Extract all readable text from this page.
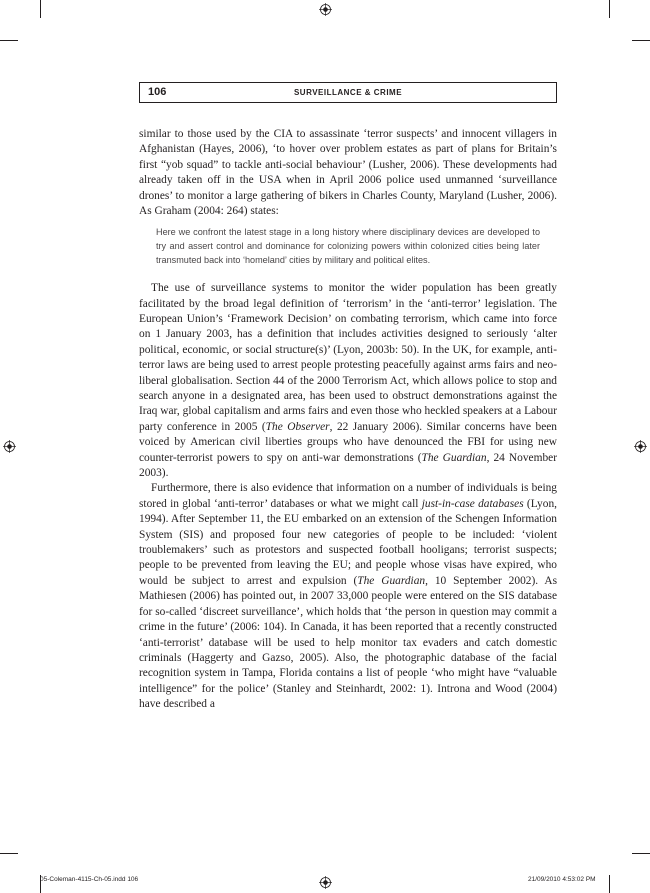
106	SURVEILLANCE & CRIME

similar to those used by the CIA to assassinate ‘terror suspects’ and innocent villagers in Afghanistan (Hayes, 2006), ‘to hover over problem estates as part of plans for Britain’s first “yob squad” to tackle anti-social behaviour’ (Lusher, 2006). These developments had already taken off in the USA when in April 2006 police used unmanned ‘surveillance drones’ to monitor a large gathering of bikers in Charles County, Maryland (Lusher, 2006). As Graham (2004: 264) states:

Here we confront the latest stage in a long history where disciplinary devices are developed to try and assert control and dominance for colonizing powers within colonized cities being later transmuted back into ‘homeland’ cities by military and political elites.

The use of surveillance systems to monitor the wider population has been greatly facilitated by the broad legal definition of ‘terrorism’ in the ‘anti-terror’ legislation. The European Union’s ‘Framework Decision’ on combating terrorism, which came into force on 1 January 2003, has a definition that includes activities designed to seriously ‘alter political, economic, or social structure(s)’ (Lyon, 2003b: 50). In the UK, for example, anti-terror laws are being used to arrest people protesting peacefully against arms fairs and neo-liberal globalisation. Section 44 of the 2000 Terrorism Act, which allows police to stop and search anyone in a designated area, has been used to obstruct demonstrations against the Iraq war, global capitalism and arms fairs and even those who heckled speakers at a Labour party conference in 2005 (The Observer, 22 January 2006). Similar concerns have been voiced by American civil liberties groups who have denounced the FBI for using new counter-terrorist powers to spy on anti-war demonstrations (The Guardian, 24 November 2003).

Furthermore, there is also evidence that information on a number of individuals is being stored in global ‘anti-terror’ databases or what we might call just-in-case databases (Lyon, 1994). After September 11, the EU embarked on an extension of the Schengen Information System (SIS) and proposed four new categories of people to be included: ‘violent troublemakers’ such as protestors and suspected football hooligans; terrorist suspects; people to be prevented from leaving the EU; and people whose visas have expired, who would be subject to arrest and expulsion (The Guardian, 10 September 2002). As Mathiesen (2006) has pointed out, in 2007 33,000 people were entered on the SIS database for so-called ‘discreet surveillance’, which holds that ‘the person in question may commit a crime in the future’ (2006: 104). In Canada, it has been reported that a recently constructed ‘anti-terrorist’ database will be used to help monitor tax evaders and catch domestic criminals (Haggerty and Gazso, 2005). Also, the photographic database of the facial recognition system in Tampa, Florida contains a list of people ‘who might have “valuable intelligence” for the police’ (Stanley and Steinhardt, 2002: 1). Introna and Wood (2004) have described a

05-Coleman-4115-Ch-05.indd 106	21/09/2010 4:53:02 PM
